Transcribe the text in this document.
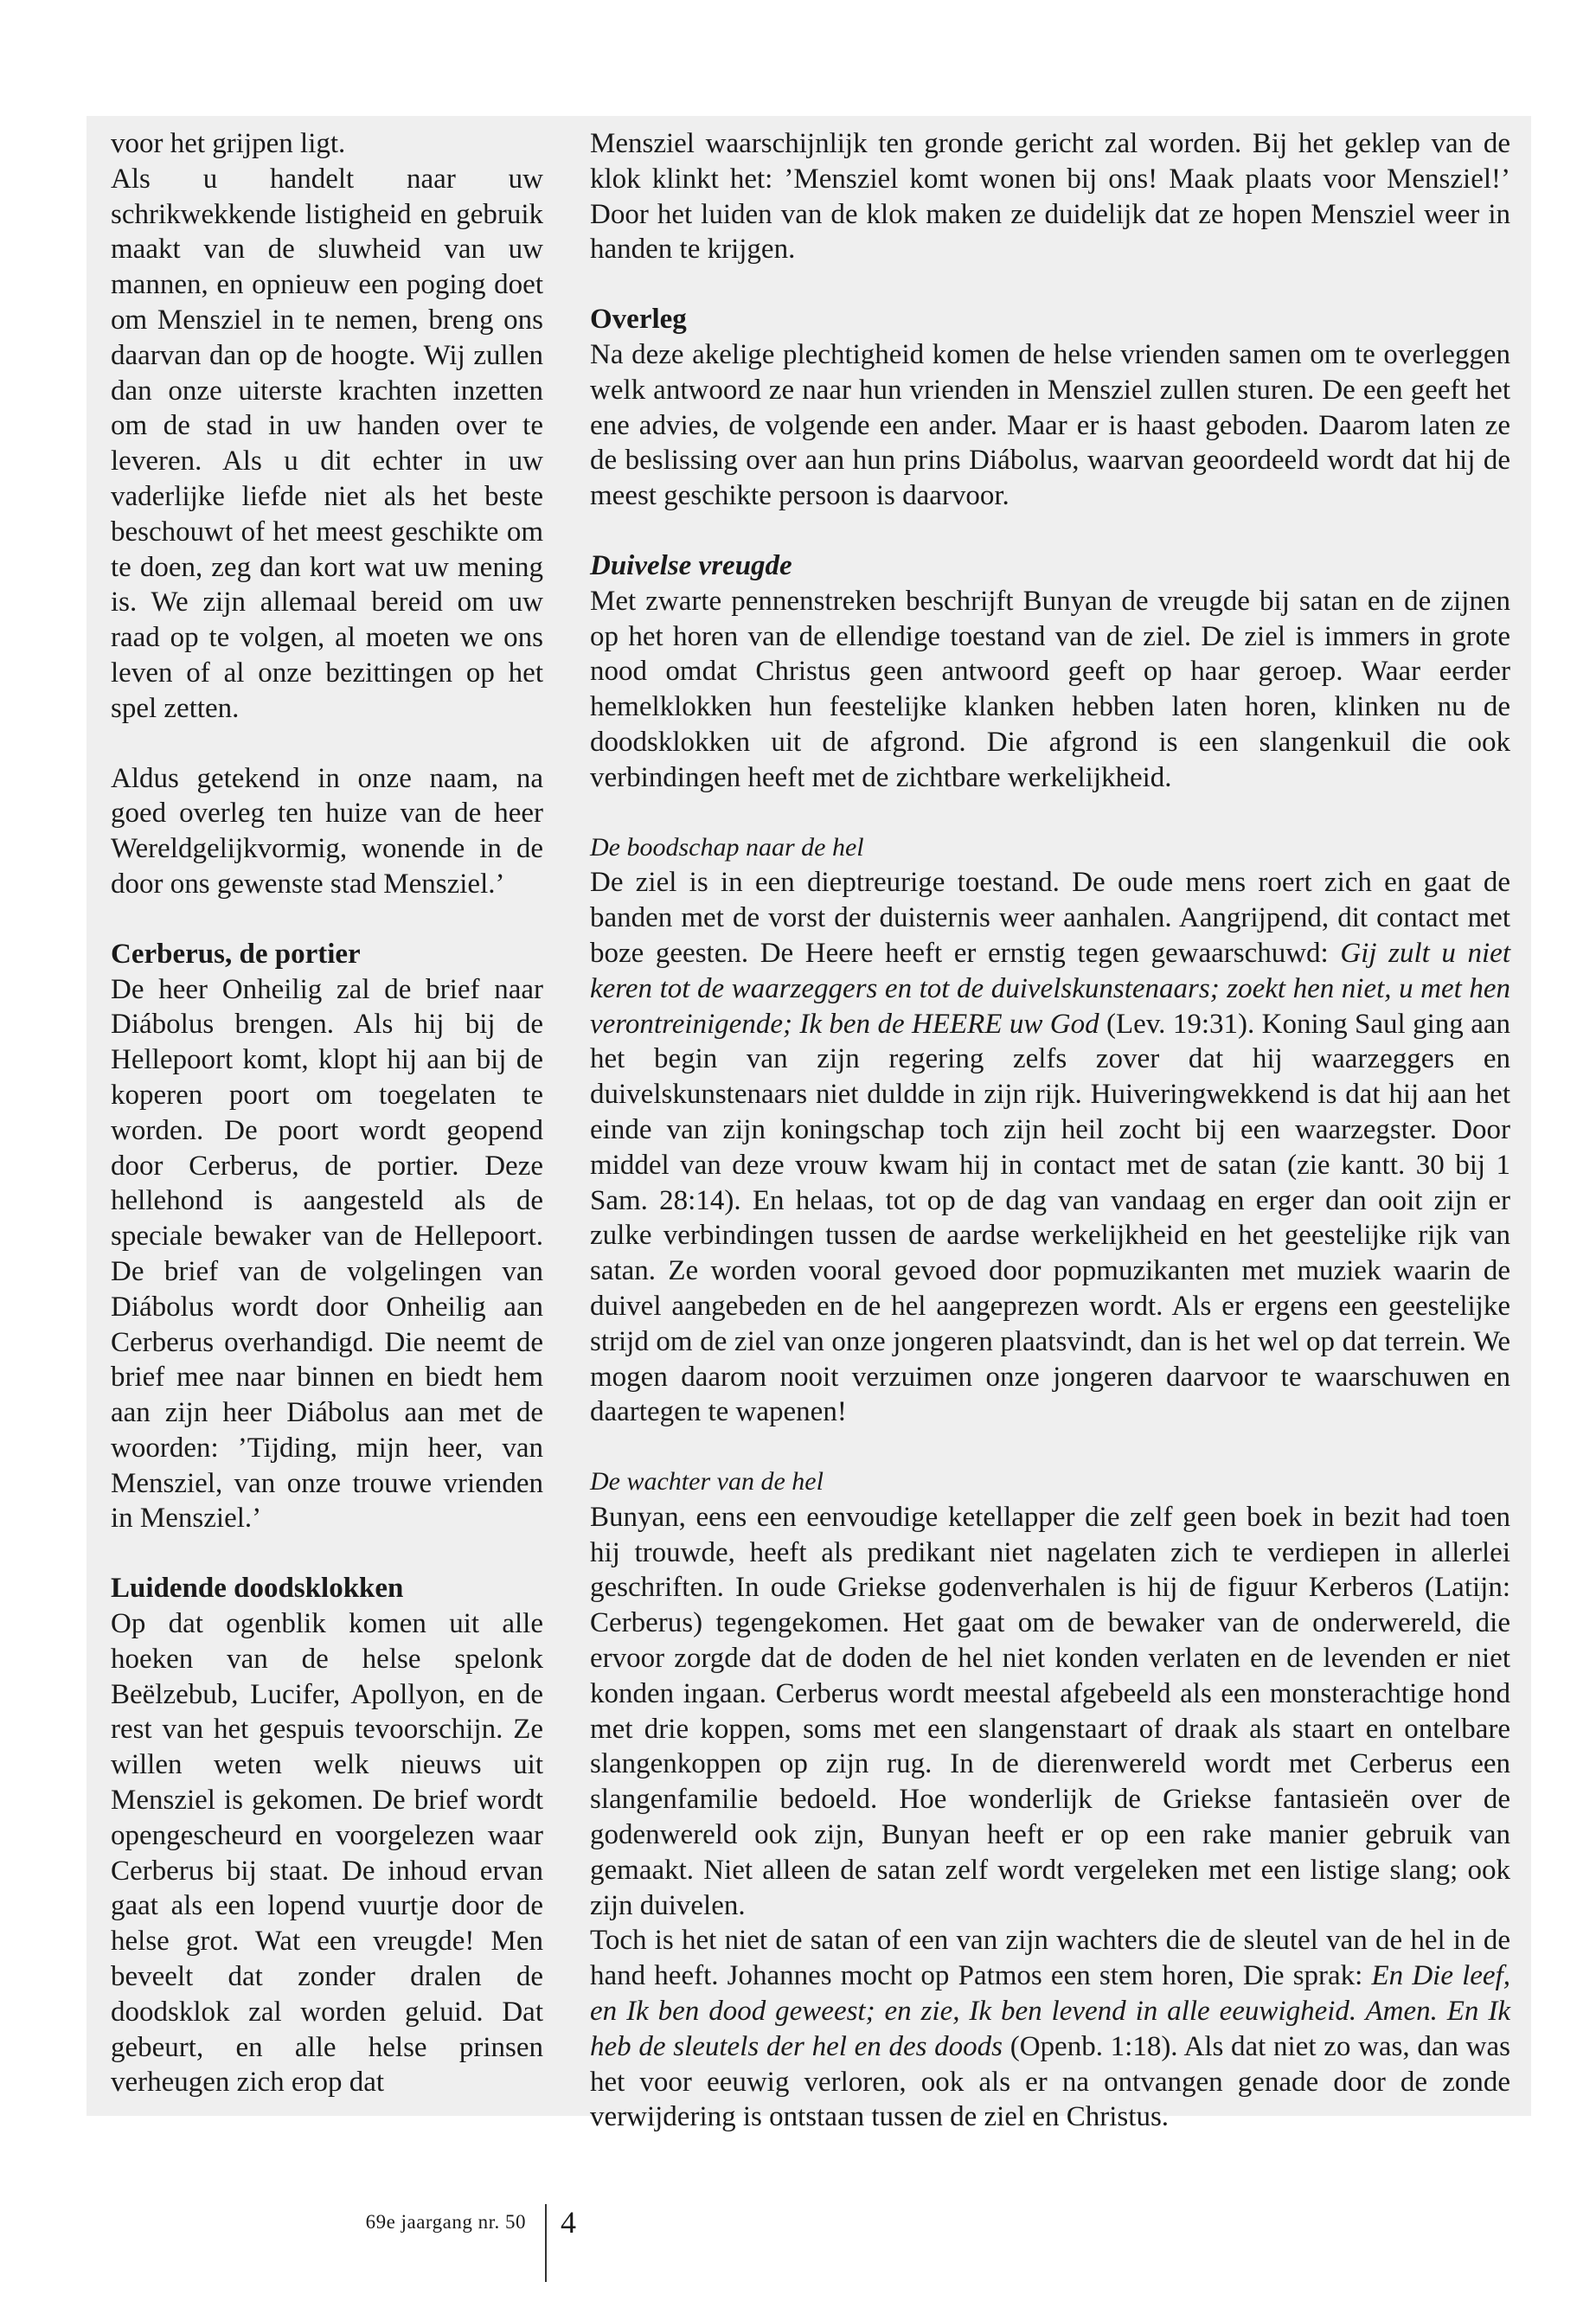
voor het grijpen ligt.

Als u handelt naar uw schrikwekkende listigheid en gebruik maakt van de sluwheid van uw mannen, en opnieuw een poging doet om Mensziel in te nemen, breng ons daarvan dan op de hoogte. Wij zullen dan onze uiterste krachten inzetten om de stad in uw handen over te leveren. Als u dit echter in uw vaderlijke liefde niet als het beste beschouwt of het meest geschikte om te doen, zeg dan kort wat uw mening is. We zijn allemaal bereid om uw raad op te volgen, al moeten we ons leven of al onze bezittingen op het spel zetten.

Aldus getekend in onze naam, na goed overleg ten huize van de heer Wereldgelijkvormig, wonende in de door ons gewenste stad Mensziel.’

Cerberus, de portier

De heer Onheilig zal de brief naar Diábolus brengen. Als hij bij de Hellepoort komt, klopt hij aan bij de koperen poort om toegelaten te worden. De poort wordt geopend door Cerberus, de portier. Deze hellehond is aangesteld als de speciale bewaker van de Hellepoort. De brief van de volgelingen van Diábolus wordt door Onheilig aan Cerberus overhandigd. Die neemt de brief mee naar binnen en biedt hem aan zijn heer Diábolus aan met de woorden: ’Tijding, mijn heer, van Mensziel, van onze trouwe vrienden in Mensziel.’

Luidende doodsklokken

Op dat ogenblik komen uit alle hoeken van de helse spelonk Beëlzebub, Lucifer, Apollyon, en de rest van het gespuis tevoorschijn. Ze willen weten welk nieuws uit Mensziel is gekomen. De brief wordt opengescheurd en voorgelezen waar Cerberus bij staat. De inhoud ervan gaat als een lopend vuurtje door de helse grot. Wat een vreugde! Men beveelt dat zonder dralen de doodsklok zal worden geluid. Dat gebeurt, en alle helse prinsen verheugen zich erop dat

Mensziel waarschijnlijk ten gronde gericht zal worden. Bij het geklep van de klok klinkt het: ’Mensziel komt wonen bij ons! Maak plaats voor Mensziel!’ Door het luiden van de klok maken ze duidelijk dat ze hopen Mensziel weer in handen te krijgen.

Overleg

Na deze akelige plechtigheid komen de helse vrienden samen om te overleggen welk antwoord ze naar hun vrienden in Mensziel zullen sturen. De een geeft het ene advies, de volgende een ander. Maar er is haast geboden. Daarom laten ze de beslissing over aan hun prins Diábolus, waarvan geoordeeld wordt dat hij de meest geschikte persoon is daarvoor.

Duivelse vreugde

Met zwarte pennenstreken beschrijft Bunyan de vreugde bij satan en de zijnen op het horen van de ellendige toestand van de ziel. De ziel is immers in grote nood omdat Christus geen antwoord geeft op haar geroep. Waar eerder hemelklokken hun feestelijke klanken hebben laten horen, klinken nu de doodsklokken uit de afgrond. Die afgrond is een slangenkuil die ook verbindingen heeft met de zichtbare werkelijkheid.

De boodschap naar de hel

De ziel is in een dieptreurige toestand. De oude mens roert zich en gaat de banden met de vorst der duisternis weer aanhalen. Aangrijpend, dit contact met boze geesten. De Heere heeft er ernstig tegen gewaarschuwd: Gij zult u niet keren tot de waarzeggers en tot de duivelskunstenaars; zoekt hen niet, u met hen verontreinigende; Ik ben de HEERE uw God (Lev. 19:31). Koning Saul ging aan het begin van zijn regering zelfs zover dat hij waarzeggers en duivelskunstenaars niet duldde in zijn rijk. Huiveringwekkend is dat hij aan het einde van zijn koningschap toch zijn heil zocht bij een waarzegster. Door middel van deze vrouw kwam hij in contact met de satan (zie kantt. 30 bij 1 Sam. 28:14). En helaas, tot op de dag van vandaag en erger dan ooit zijn er zulke verbindingen tussen de aardse werkelijkheid en het geestelijke rijk van satan. Ze worden vooral gevoed door popmuzikanten met muziek waarin de duivel aangebeden en de hel aangeprezen wordt. Als er ergens een geestelijke strijd om de ziel van onze jongeren plaatsvindt, dan is het wel op dat terrein. We mogen daarom nooit verzuimen onze jongeren daarvoor te waarschuwen en daartegen te wapenen!

De wachter van de hel

Bunyan, eens een eenvoudige ketellapper die zelf geen boek in bezit had toen hij trouwde, heeft als predikant niet nagelaten zich te verdiepen in allerlei geschriften. In oude Griekse godenverhalen is hij de figuur Kerberos (Latijn: Cerberus) tegengekomen. Het gaat om de bewaker van de onderwereld, die ervoor zorgde dat de doden de hel niet konden verlaten en de levenden er niet konden ingaan. Cerberus wordt meestal afgebeeld als een monsterachtige hond met drie koppen, soms met een slangenstaart of draak als staart en ontelbare slangenkoppen op zijn rug. In de dierenwereld wordt met Cerberus een slangenfamilie bedoeld. Hoe wonderlijk de Griekse fantasieën over de godenwereld ook zijn, Bunyan heeft er op een rake manier gebruik van gemaakt. Niet alleen de satan zelf wordt vergeleken met een listige slang; ook zijn duivelen.

Toch is het niet de satan of een van zijn wachters die de sleutel van de hel in de hand heeft. Johannes mocht op Patmos een stem horen, Die sprak: En Die leef, en Ik ben dood geweest; en zie, Ik ben levend in alle eeuwigheid. Amen. En Ik heb de sleutels der hel en des doods (Openb. 1:18). Als dat niet zo was, dan was het voor eeuwig verloren, ook als er na ontvangen genade door de zonde verwijdering is ontstaan tussen de ziel en Christus.

69e jaargang nr. 50 4
